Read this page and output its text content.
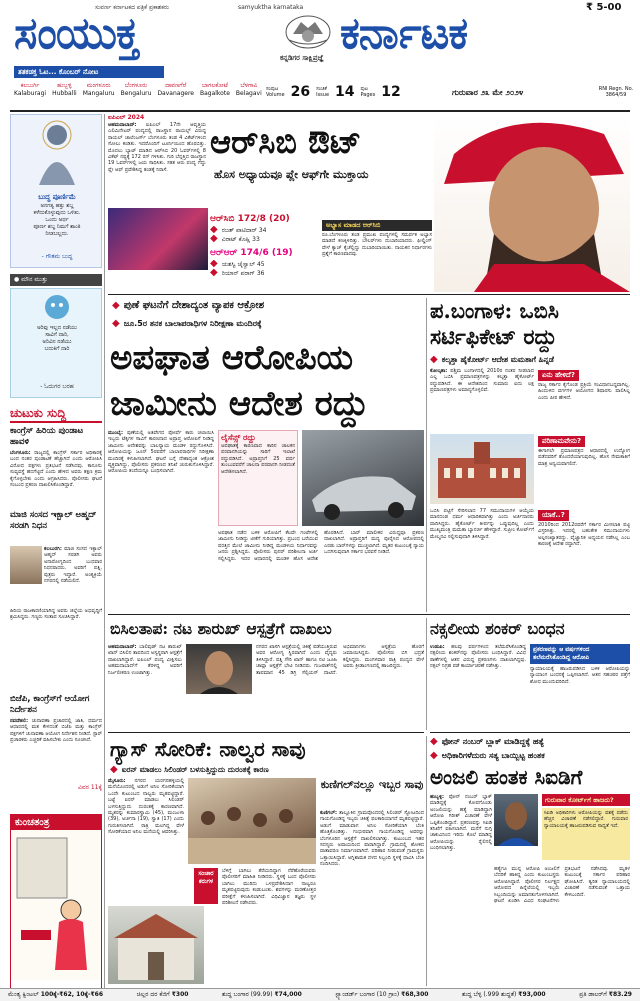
ಸುವರ್ಣ ಕರ್ನಾಟಕದ ಪತ್ರಿಕೆ ಪ್ರಕಾಶಕರು	samyuktha karnataka	₹ 5-00
ಸಂಯುಕ್ತ	ಕನ್ನಡಿಗರ ಸಾಕ್ಷಿಪ್ರಜ್ಞೆ ಕರ್ನಾಟಕ
ತತಕಡಕ್ತ ಓಟ... ಕೊಂಬರ್‌ ನೋಟ
ಕಲಬುರ್ಗಿ
Kalaburagi
ಹುಬ್ಬಳ್ಳಿ
Hubballi
ಮಂಗಳೂರು
Mangaluru
ಬೆಂಗಳೂರು
Bengaluru
ದಾವಣಗೆರೆ
Davanagere
ಬಾಗಲಕೋಟೆ
Bagalkote
ಬೆಳಗಾವಿ
Belagavi
ಸಂಪುಟ
Volume 26 ಸಂಚಿಕೆ
Issue 14 ಪುಟ
Pages 12	ಗುರುವಾರ ೨೩ ಮೇ ೨೦೨೪	RNI Regn. No. 3864/59
ಬುದ್ಧ ಪೂರ್ಣಿಮೆ
ಅನಗತ್ಯ ಹತ್ತು ಶಬ್ದ
ಕಳೆದುಕೊಳ್ಳುವುದು ಒಳಿತು.
ಒಂದು ಅರ್ಥ
ಪೂರ್ಣ ಶಬ್ದ ನಿಮಗೆ ಶಾಂತಿ
ನೀಡಬಲ್ಲದು.
- ಗೌತಮ ಬುದ್ಧ
● ಮೌನ ಮುತ್ತು
ಅರಿವು ಇಲ್ಲದ ನಡೆಯು
ಸಾವಿಗೆ ದಾರಿ,
ಅರಿವಿನ ನಡೆಯು
ಬದುಕಿಗೆ ದಾರಿ
- ಓದುಗರ ಬರಹ
ಚುಟುಕು ಸುದ್ದಿ
ಕಾಂಗ್ರೆಸ್ ಹಿರಿಯ ಪುಂಡಾಟ ಹಾವಳಿ

ಬೆಂಗಳೂರು: ರಾಜ್ಯದಲ್ಲಿ ಕಾಂಗ್ರೆಸ್ ಸರ್ಕಾರ ಅಧಿಕಾರಕ್ಕೆ ಬಂದ ನಂತರ ಪುಂಡಾಟಿಕೆ ಹೆಚ್ಚಾಗಿದೆ ಎಂದು ಆರೋಪಿಸಿ ವಿರೋಧ ಪಕ್ಷಗಳು ಪ್ರತಿಭಟನೆ ನಡೆಸಿದವು. ಕಾನೂನು ಸುವ್ಯವಸ್ಥೆ ಹದಗೆಟ್ಟಿದೆ ಎಂದು ಹೇಳಿದ ಅವರು ತಕ್ಷಣ ಕ್ರಮ ಕೈಗೊಳ್ಳಬೇಕು ಎಂದು ಆಗ್ರಹಿಸಿದರು. ಪೊಲೀಸರು ಘಟನೆ ಸಂಬಂಧ ಪ್ರಕರಣ ದಾಖಲಿಸಿಕೊಂಡಿದ್ದಾರೆ.

ಮಾಜಿ ಸಂಸದ ಇಕ್ಬಾಲ್ ಅಹ್ಮದ್ ಸರಡಗಿ ನಿಧನ

ಕಲಬುರಗಿ: ಮಾಜಿ ಸಂಸದ ಇಕ್ಬಾಲ್ ಅಹ್ಮದ್ ಸರಡಗಿ ಅವರು ಅನಾರೋಗ್ಯದಿಂದ ಬುಧವಾರ ನಿಧನರಾದರು. ಅವರಿಗೆ ಪತ್ನಿ, ಪುತ್ರರು ಇದ್ದಾರೆ. ಅಂತ್ಯಕ್ರಿಯೆ ನಗರದಲ್ಲಿ ನಡೆಯಲಿದೆ.

ಹಿರಿಯ ರಾಜಕಾರಣಿಯಾಗಿದ್ದ ಅವರು ಜಿಲ್ಲೆಯ ಅಭಿವೃದ್ಧಿಗೆ ಶ್ರಮಿಸಿದ್ದರು. ಗಣ್ಯರು ಸಂತಾಪ ಸೂಚಿಸಿದ್ದಾರೆ.

ಬಿಜೆಪಿ, ಕಾಂಗ್ರೆಸ್‌ಗೆ ಆಯೋಗ ನಿರ್ದೇಶನ

ನವದೆಹಲಿ: ಚುನಾವಣಾ ಪ್ರಚಾರದಲ್ಲಿ ಜಾತಿ, ಧರ್ಮದ ಆಧಾರದಲ್ಲಿ ಮತ ಕೇಳದಂತೆ ಬಿಜೆಪಿ ಮತ್ತು ಕಾಂಗ್ರೆಸ್ ಪಕ್ಷಗಳಿಗೆ ಚುನಾವಣಾ ಆಯೋಗ ನಿರ್ದೇಶನ ನೀಡಿದೆ. ಸ್ಟಾರ್ ಪ್ರಚಾರಕರು ಎಚ್ಚರಿಕೆ ವಹಿಸಬೇಕು ಎಂದು ಸೂಚಿಸಿದೆ.

ವಿವರ 11ಕ್ಕೆ
ಕುಂಚತಂತ್ರ
ಐಪಿಎಲ್ 2024

ಅಹಮದಾಬಾದ್: ಐಪಿಎಲ್ 17ನೇ ಆವೃತ್ತಿಯ ಎಲಿಮಿನೇಟರ್ ಪಂದ್ಯದಲ್ಲಿ ರಾಜಸ್ಥಾನ ರಾಯಲ್ಸ್ ವಿರುದ್ಧ ರಾಯಲ್ ಚಾಲೆಂಜರ್ಸ್ ಬೆಂಗಳೂರು ತಂಡ 4 ವಿಕೆಟ್‌ಗಳಿಂದ ಸೋಲು ಕಂಡಿತು. ಇದರೊಂದಿಗೆ ಟೂರ್ನಿಯಿಂದ ಹೊರಬಿತ್ತು. ಮೊದಲು ಬ್ಯಾಟ್ ಮಾಡಿದ ಆರ್‌ಸಿಬಿ 20 ಓವರ್‌ಗಳಲ್ಲಿ 8 ವಿಕೆಟ್ ನಷ್ಟಕ್ಕೆ 172 ರನ್ ಗಳಿಸಿತು. ಗುರಿ ಬೆನ್ನತ್ತಿದ ರಾಜಸ್ಥಾನ 19 ಓವರ್‌ಗಳಲ್ಲಿ ಜಯ ಸಾಧಿಸಿತು. ಸತತ ಆರು ಪಂದ್ಯ ಗೆದ್ದು ಪ್ಲೇ ಆಫ್ ಪ್ರವೇಶಿಸಿದ್ದ ತಂಡಕ್ಕೆ ನಿರಾಸೆ.

ಆರ್‌ಸಿಬಿ ಔಟ್
ಹೊಸ ಅಧ್ಯಾಯವೂ ಪ್ಲೇ ಆಫ್‌ಗೇ ಮುಕ್ತಾಯ
ಆರ್‌ಸಿಬಿ 172/8 (20)
◆ ರಜತ್ ಪಾಟಿದಾರ್ 34
◆ ವಿರಾಟ್ ಕೊಹ್ಲಿ 33
ಆರ್‌ಆರ್ 174/6 (19)
◆ ಯಶಸ್ವಿ ಜೈಸ್ವಾಲ್ 45
◆ ರಿಯಾನ್ ಪರಾಗ್ 36
ಅಭ್ಯಾಸ ಮಾಡದ ಆರ್‌ಸಿಬಿ

ರೂ.ಬೆಂಗಳೂರು ತಂಡ ಪ್ರಮುಖ ಪಂದ್ಯಗಳಲ್ಲಿ ಸಮರ್ಪಕ ಅಭ್ಯಾಸ ಮಾಡದೆ ಕಣಕ್ಕಿಳಿದಿತ್ತು. ಬೌಲರ್‌ಗಳು ದುಬಾರಿಯಾದರು. ಫೀಲ್ಡಿಂಗ್ ವೇಳೆ ಕ್ಯಾಚ್ ಕೈಚೆಲ್ಲಿದ್ದು ದುಬಾರಿಯಾಯಿತು. ನಾಯಕನ ನಿರ್ಧಾರಗಳು ಪ್ರಶ್ನೆಗೆ ಕಾರಣವಾದವು.

◆ ಪುಣೆ ಘಟನೆಗೆ ದೇಶಾದ್ಯಂತ ವ್ಯಾಪಕ ಆಕ್ರೋಶ
◆ ಜೂ.5ರ ತನಕ ಬಾಲಾಪರಾಧಿಗಳ ನಿರೀಕ್ಷಣಾ ಮಂದಿರಕ್ಕೆ
ಅಪಘಾತ ಆರೋಪಿಯ
ಜಾಮೀನು ಆದೇಶ ರದ್ದು

ಮುಂಬೈ: ಪುಣೆಯಲ್ಲಿ ಅತಿವೇಗದ ಪೋರ್ಷೆ ಕಾರು ಚಲಾಯಿಸಿ ಇಬ್ಬರು ಟೆಕ್ಕಿಗಳ ಸಾವಿಗೆ ಕಾರಣನಾದ ಅಪ್ರಾಪ್ತ ಆರೋಪಿಗೆ ನೀಡಿದ್ದ ಜಾಮೀನು ಆದೇಶವನ್ನು ಬಾಲನ್ಯಾಯ ಮಂಡಳಿ ರದ್ದುಗೊಳಿಸಿದೆ. ಆರೋಪಿಯನ್ನು ಜೂನ್ 5ರವರೆಗೆ ಬಾಲಾಪರಾಧಿಗಳ ನಿರೀಕ್ಷಣಾ ಮಂದಿರಕ್ಕೆ ಕಳುಹಿಸಲಾಗಿದೆ. ಘಟನೆ ಬಗ್ಗೆ ದೇಶಾದ್ಯಂತ ಆಕ್ರೋಶ ವ್ಯಕ್ತವಾಗಿದ್ದು, ಪೊಲೀಸರು ಪ್ರಕರಣದ ತನಿಖೆ ಚುರುಕುಗೊಳಿಸಿದ್ದಾರೆ. ಆರೋಪಿಯ ತಂದೆಯನ್ನೂ ಬಂಧಿಸಲಾಗಿದೆ.

ಲೈಸೆನ್ಸ್ ರದ್ದು

ಅಪಘಾತಕ್ಕೆ ಕಾರಣವಾದ ಕಾರಿನ ಚಾಲಕನ ಪರವಾನಗಿಯನ್ನು ಸಾರಿಗೆ ಇಲಾಖೆ ರದ್ದುಪಡಿಸಿದೆ. ಅಪ್ರಾಪ್ತನಿಗೆ 25 ವರ್ಷ ತುಂಬುವವರೆಗೆ ಚಾಲನಾ ಪರವಾನಗಿ ನೀಡದಂತೆ ಆದೇಶಿಸಲಾಗಿದೆ.

ಅಪಘಾತ ನಡೆದ ಬಳಿಕ ಆರೋಪಿಗೆ ಕೆಲವೇ ಗಂಟೆಗಳಲ್ಲಿ ಜಾಮೀನು ನೀಡಿದ್ದು ಟೀಕೆಗೆ ಗುರಿಯಾಗಿತ್ತು. ಪ್ರಬಂಧ ಬರೆಯುವ ಷರತ್ತಿನ ಮೇಲೆ ಜಾಮೀನು ನೀಡಿದ್ದ ಮಂಡಳಿಯ ನಿರ್ಧಾರವನ್ನು ಜನರು ಪ್ರಶ್ನಿಸಿದ್ದರು. ಪೊಲೀಸರು ಪುನರ್ ಪರಿಶೀಲನಾ ಅರ್ಜಿ ಸಲ್ಲಿಸಿದ್ದರು. ಇದರ ಆಧಾರದಲ್ಲಿ ಮಂಡಳಿ ಹೊಸ ಆದೇಶ ಹೊರಡಿಸಿದೆ. ಬಾರ್ ಮಾಲೀಕರ ವಿರುದ್ಧವೂ ಪ್ರಕರಣ ದಾಖಲಾಗಿದೆ. ಅಪ್ರಾಪ್ತರಿಗೆ ಮದ್ಯ ಪೂರೈಸಿದ ಆರೋಪದಲ್ಲಿ ಎರಡು ಬಾರ್‌ಗಳನ್ನು ಮುಚ್ಚಲಾಗಿದೆ. ಮೃತರ ಕುಟುಂಬಕ್ಕೆ ನ್ಯಾಯ ಒದಗಿಸುವುದಾಗಿ ಸರ್ಕಾರ ಭರವಸೆ ನೀಡಿದೆ.

ಪ.ಬಂಗಾಳ: ಒಬಿಸಿ
ಸರ್ಟಿಫಿಕೇಟ್ ರದ್ದು
◆ ಕಲ್ಕತ್ತಾ ಹೈಕೋರ್ಟ್ ಆದೇಶ ಮಮತಾಗೆ ಹಿನ್ನಡೆ

ಕೋಲ್ಕತಾ: ಪಶ್ಚಿಮ ಬಂಗಾಳದಲ್ಲಿ 2010ರ ನಂತರ ನೀಡಲಾದ ಎಲ್ಲ ಒಬಿಸಿ ಪ್ರಮಾಣಪತ್ರಗಳನ್ನು ಕಲ್ಕತ್ತಾ ಹೈಕೋರ್ಟ್ ರದ್ದುಪಡಿಸಿದೆ. ಈ ಆದೇಶದಿಂದ ಸುಮಾರು ಐದು ಲಕ್ಷ ಪ್ರಮಾಣಪತ್ರಗಳು ಅಮಾನ್ಯಗೊಳ್ಳಲಿವೆ.

ಏನು ಹೇಳಿದೆ?

ರಾಜ್ಯ ಸರ್ಕಾರ ಕೈಗೊಂಡ ಪ್ರಕ್ರಿಯೆ ಸಂವಿಧಾನಬದ್ಧವಾಗಿಲ್ಲ. ಹಿಂದುಳಿದ ವರ್ಗಗಳ ಆಯೋಗದ ಶಿಫಾರಸು ಪಾಲಿಸಿಲ್ಲ ಎಂದು ಪೀಠ ಹೇಳಿದೆ.

ಪರಿಣಾಮವೇನು?

ಈಗಾಗಲೇ ಪ್ರಮಾಣಪತ್ರದ ಆಧಾರದಲ್ಲಿ ಉದ್ಯೋಗ ಪಡೆದವರಿಗೆ ತೊಂದರೆಯಾಗುವುದಿಲ್ಲ. ಹೊಸ ನೇಮಕಾತಿಗೆ ಮಾತ್ರ ಅನ್ವಯವಾಗಲಿದೆ.

ಒಬಿಸಿ ಪಟ್ಟಿಗೆ ಸೇರಿಸಲಾದ 77 ಸಮುದಾಯಗಳ ಆಯ್ಕೆಯ ಮಾನದಂಡ ಧರ್ಮ ಆಧಾರಿತವಾಗಿತ್ತು ಎಂದು ಅರ್ಜಿದಾರರು ವಾದಿಸಿದ್ದರು. ಹೈಕೋರ್ಟ್ ತೀರ್ಪನ್ನು ಒಪ್ಪುವುದಿಲ್ಲ ಎಂದು ಮುಖ್ಯಮಂತ್ರಿ ಮಮತಾ ಬ್ಯಾನರ್ಜಿ ಹೇಳಿದ್ದಾರೆ. ಸುಪ್ರೀಂ ಕೋರ್ಟ್‌ಗೆ ಮೇಲ್ಮನವಿ ಸಲ್ಲಿಸುವುದಾಗಿ ತಿಳಿಸಿದ್ದಾರೆ.

ಯಾಕೆ..?

2010ರಿಂದ 2012ರವರೆಗೆ ಸರ್ಕಾರ ಮೀಸಲಾತಿ ಪಟ್ಟಿ ವಿಸ್ತರಿಸಿತ್ತು. ಇದರಲ್ಲಿ ಬಹುತೇಕ ಸಮುದಾಯಗಳು ಅಲ್ಪಸಂಖ್ಯಾತರದ್ದು. ವೈಜ್ಞಾನಿಕ ಅಧ್ಯಯನ ನಡೆಸಿಲ್ಲ ಎಂಬ ಕಾರಣಕ್ಕೆ ಆದೇಶ ರದ್ದಾಗಿದೆ.

ಬಿಸಿಲತಾಪ: ನಟ ಶಾರುಖ್ ಆಸ್ಪತ್ರೆಗೆ ದಾಖಲು

ಅಹಮದಾಬಾದ್: ಬಾಲಿವುಡ್ ನಟ ಶಾರುಖ್ ಖಾನ್ ಬಿಸಿಲಿನ ತಾಪದಿಂದ ಅಸ್ವಸ್ಥರಾಗಿ ಆಸ್ಪತ್ರೆಗೆ ದಾಖಲಾಗಿದ್ದಾರೆ. ಐಪಿಎಲ್ ಪಂದ್ಯ ವೀಕ್ಷಿಸಲು ಅಹಮದಾಬಾದ್‌ಗೆ ತೆರಳಿದ್ದ ಅವರಿಗೆ ನಿರ್ಜಲೀಕರಣ ಉಂಟಾಗಿತ್ತು.

ನಗರದ ಖಾಸಗಿ ಆಸ್ಪತ್ರೆಯಲ್ಲಿ ಚಿಕಿತ್ಸೆ ಪಡೆಯುತ್ತಿರುವ ಅವರ ಆರೋಗ್ಯ ಸ್ಥಿರವಾಗಿದೆ ಎಂದು ವೈದ್ಯರು ತಿಳಿಸಿದ್ದಾರೆ. ಪತ್ನಿ ಗೌರಿ ಖಾನ್ ಹಾಗೂ ನಟಿ ಜೂಹಿ ಚಾವ್ಲಾ ಆಸ್ಪತ್ರೆಗೆ ಭೇಟಿ ನೀಡಿದರು. ಗುಜರಾತ್‌ನಲ್ಲಿ ತಾಪಮಾನ 45 ಡಿಗ್ರಿ ಸೆಲ್ಸಿಯಸ್ ದಾಟಿದೆ. ಅಭಿಮಾನಿಗಳು ಆಸ್ಪತ್ರೆಯ ಹೊರಗೆ ಜಮಾಯಿಸಿದ್ದರು. ಪೊಲೀಸರು ಬಿಗಿ ಭದ್ರತೆ ಕಲ್ಪಿಸಿದ್ದರು. ಮಂಗಳವಾರ ರಾತ್ರಿ ಪಂದ್ಯದ ವೇಳೆ ಅವರು ಕ್ರೀಡಾಂಗಣದಲ್ಲಿ ಹಾಜರಿದ್ದರು.

ನಕ್ಸಲೀಯ ಶಂಕರ್ ಬಂಧನ

ಉಡುಪಿ: ಹಲವು ವರ್ಷಗಳಿಂದ ತಲೆಮರೆಸಿಕೊಂಡಿದ್ದ ನಕ್ಸಲೀಯ ಶಂಕರ್‌ನನ್ನು ಪೊಲೀಸರು ಬಂಧಿಸಿದ್ದಾರೆ. ವಿವಿಧ ಠಾಣೆಗಳಲ್ಲಿ ಆತನ ವಿರುದ್ಧ ಪ್ರಕರಣಗಳು ದಾಖಲಾಗಿದ್ದವು. ನಕ್ಸಲ್ ನಿಗ್ರಹ ಪಡೆ ಕಾರ್ಯಾಚರಣೆ ನಡೆಸಿತ್ತು.

ಪ್ರಕರಣವನ್ನು ಆ ವರ್ಷಗಳಿಂದ ತಲೆಮರೆಸಿಕೊಂಡಿದ್ದ ಆರೋಪಿ

ನ್ಯಾಯಾಲಯಕ್ಕೆ ಹಾಜರುಪಡಿಸಿದ ಬಳಿಕ ಆರೋಪಿಯನ್ನು ನ್ಯಾಯಾಂಗ ಬಂಧನಕ್ಕೆ ಒಪ್ಪಿಸಲಾಗಿದೆ. ಆತನ ಸಹಚರರ ಪತ್ತೆಗೆ ಶೋಧ ಮುಂದುವರಿದಿದೆ.

ಗ್ಯಾಸ್ ಸೋರಿಕೆ: ನಾಲ್ವರ ಸಾವು
◆ ಐರನ್ ಮಾಡಲು ಸಿಲಿಂಡರ್ ಬಳಸುತ್ತಿದ್ದುದು ದುರಂತಕ್ಕೆ ಕಾರಣ

ಮೈಸೂರು: ನಗರದ ಯರಗನಹಳ್ಳಿಯಲ್ಲಿ ಮನೆಯೊಂದರಲ್ಲಿ ಅಡುಗೆ ಅನಿಲ ಸೋರಿಕೆಯಾಗಿ ಒಂದೇ ಕುಟುಂಬದ ನಾಲ್ವರು ಮೃತಪಟ್ಟಿದ್ದಾರೆ. ಬಟ್ಟೆ ಐರನ್ ಮಾಡಲು ಸಿಲಿಂಡರ್ ಬಳಸುತ್ತಿದ್ದುದು ದುರಂತಕ್ಕೆ ಕಾರಣವಾಗಿದೆ. ಮೃತರನ್ನು ಕುಮಾರಸ್ವಾಮಿ (45), ಮಂಜುಳಾ (39), ಅರ್ಚನಾ (19), ಸ್ವಾತಿ (17) ಎಂದು ಗುರುತಿಸಲಾಗಿದೆ. ರಾತ್ರಿ ಮಲಗಿದ್ದ ವೇಳೆ ಸೋರಿಕೆಯಾದ ಅನಿಲ ಮನೆಯಲ್ಲಿ ಆವರಿಸಿತ್ತು.

ಸಂಚಾರ ಕರುಗಳ

ಬೆಳಿಗ್ಗೆ ಬಾಗಿಲು ತೆರೆಯದಿದ್ದಾಗ ನೆರೆಹೊರೆಯವರು ಪೊಲೀಸರಿಗೆ ಮಾಹಿತಿ ನೀಡಿದರು. ಸ್ಥಳಕ್ಕೆ ಬಂದ ಪೊಲೀಸರು ಬಾಗಿಲು ಮುರಿದು ಒಳಪ್ರವೇಶಿಸಿದಾಗ ನಾಲ್ವರೂ ಮೃತಪಟ್ಟಿರುವುದು ಕಂಡುಬಂತು. ಶವಗಳನ್ನು ಮರಣೋತ್ತರ ಪರೀಕ್ಷೆಗೆ ಕಳುಹಿಸಲಾಗಿದೆ. ವಿಧಿವಿಜ್ಞಾನ ತಜ್ಞರು ಸ್ಥಳ ಪರಿಶೀಲನೆ ನಡೆಸಿದರು.

ಕುಣಿಗಲ್‌ನಲ್ಲೂ ಇಬ್ಬರ ಸಾವು

ಕುಣಿಗಲ್: ತಾಲ್ಲೂಕಿನ ಗ್ರಾಮವೊಂದರಲ್ಲಿ ಸಿಲಿಂಡರ್ ಸ್ಫೋಟದಿಂದ ಗಾಯಗೊಂಡಿದ್ದ ಇಬ್ಬರು ಚಿಕಿತ್ಸೆ ಫಲಕಾರಿಯಾಗದೆ ಮೃತಪಟ್ಟಿದ್ದಾರೆ. ಅಡುಗೆ ಮಾಡುವಾಗ ಅನಿಲ ಸೋರಿಕೆಯಾಗಿ ಬೆಂಕಿ ಹೊತ್ತಿಕೊಂಡಿತ್ತು. ಗಂಭೀರವಾಗಿ ಗಾಯಗೊಂಡಿದ್ದ ಅವರನ್ನು ಬೆಂಗಳೂರಿನ ಆಸ್ಪತ್ರೆಗೆ ದಾಖಲಿಸಲಾಗಿತ್ತು. ಕುಟುಂಬದ ಇತರ ಸದಸ್ಯರು ಅಪಾಯದಿಂದ ಪಾರಾಗಿದ್ದಾರೆ. ಗ್ರಾಮದಲ್ಲಿ ಶೋಕದ ವಾತಾವರಣ ನಿರ್ಮಾಣವಾಗಿದೆ. ಪರಿಹಾರ ನೀಡುವಂತೆ ಗ್ರಾಮಸ್ಥರು ಒತ್ತಾಯಿಸಿದ್ದಾರೆ. ಅಗ್ನಿಶಾಮಕ ದಳದ ಸಿಬ್ಬಂದಿ ಸ್ಥಳಕ್ಕೆ ಧಾವಿಸಿ ಬೆಂಕಿ ನಂದಿಸಿದರು.

◆ ಫೋನ್ ನಂಬರ್ ಬ್ಲಾಕ್ ಮಾಡಿದ್ದಕ್ಕೆ ಹತ್ಯೆ
◆ ಅಧಿಕಾರಿಗಳೆದುರು ಸತ್ಯ ಬಾಯ್ಬಿಟ್ಟ ಹಂತಕ
ಅಂಜಲಿ ಹಂತಕ ಸಿಐಡಿಗೆ

ಹುಬ್ಬಳ್ಳಿ: ಫೋನ್ ನಂಬರ್ ಬ್ಲಾಕ್ ಮಾಡಿದ್ದಕ್ಕೆ ಕೋಪಗೊಂಡು ಅಂಜಲಿಯನ್ನು ಹತ್ಯೆ ಮಾಡಿದ್ದಾಗಿ ಆರೋಪಿ ಗಿರೀಶ್ ವಿಚಾರಣೆ ವೇಳೆ ಒಪ್ಪಿಕೊಂಡಿದ್ದಾನೆ. ಪ್ರಕರಣವನ್ನು ಸಿಐಡಿ ತನಿಖೆಗೆ ವಹಿಸಲಾಗಿದೆ. ಮನೆಗೆ ನುಗ್ಗಿ ಚಾಕುವಿನಿಂದ ಇರಿದು ಕೊಲೆ ಮಾಡಿದ್ದ ಆರೋಪಿಯನ್ನು ರೈಲಿನಲ್ಲಿ ಬಂಧಿಸಲಾಗಿತ್ತು.

ಗುರುವಾರ ಕೋರ್ಟ್‌ಗೆ ಹಾಜರು?

ಸಿಐಡಿ ಅಧಿಕಾರಿಗಳು ಆರೋಪಿಯನ್ನು ವಶಕ್ಕೆ ಪಡೆದು ಹೆಚ್ಚಿನ ವಿಚಾರಣೆ ನಡೆಸಲಿದ್ದಾರೆ. ಗುರುವಾರ ನ್ಯಾಯಾಲಯಕ್ಕೆ ಹಾಜರುಪಡಿಸುವ ಸಾಧ್ಯತೆ ಇದೆ.

ಹತ್ಯೆಗೂ ಮುನ್ನ ಆರೋಪಿ ಅಂಜಲಿಗೆ ಬೆದರಿಕೆ ಹಾಕಿದ್ದ ಎಂದು ಕುಟುಂಬಸ್ಥರು ಆರೋಪಿಸಿದ್ದಾರೆ. ಪೊಲೀಸರ ನಿರ್ಲಕ್ಷ್ಯದ ಆರೋಪದ ಹಿನ್ನೆಲೆಯಲ್ಲಿ ಇಬ್ಬರು ಸಿಬ್ಬಂದಿಯನ್ನು ಅಮಾನತುಗೊಳಿಸಲಾಗಿದೆ. ಘಟನೆ ಖಂಡಿಸಿ ವಿವಿಧ ಸಂಘಟನೆಗಳು ಪ್ರತಿಭಟನೆ ನಡೆಸಿದವು. ಮೃತಳ ಕುಟುಂಬಕ್ಕೆ ಸರ್ಕಾರ ಪರಿಹಾರ ಘೋಷಿಸಿದೆ. ತ್ವರಿತ ನ್ಯಾಯಾಲಯದಲ್ಲಿ ವಿಚಾರಣೆ ನಡೆಸುವಂತೆ ಒತ್ತಾಯ ಕೇಳಿಬಂದಿದೆ.

ಮೆಂತ್ಯ ಕ್ವಿಂಟಲ್ 100ಕ್ಕೆ-₹62, 10ಕ್ಕೆ-₹66	ಚಿಲ್ಲರ ದರ ಕೆಜಿಗೆ ₹300	ಶುದ್ಧ ಬಂಗಾರ (99.99) ₹74,000	ಸ್ಟ್ಯಾಂಡರ್ಡ್ ಬಂಗಾರ (10 ಗ್ರಾಂ) ₹68,300	ಶುದ್ಧ ಬೆಳ್ಳಿ (.999 ಶುದ್ಧತೆ) ₹93,000	ಪ್ರತಿ ಡಾಲರ್‌ಗೆ ₹83.29
